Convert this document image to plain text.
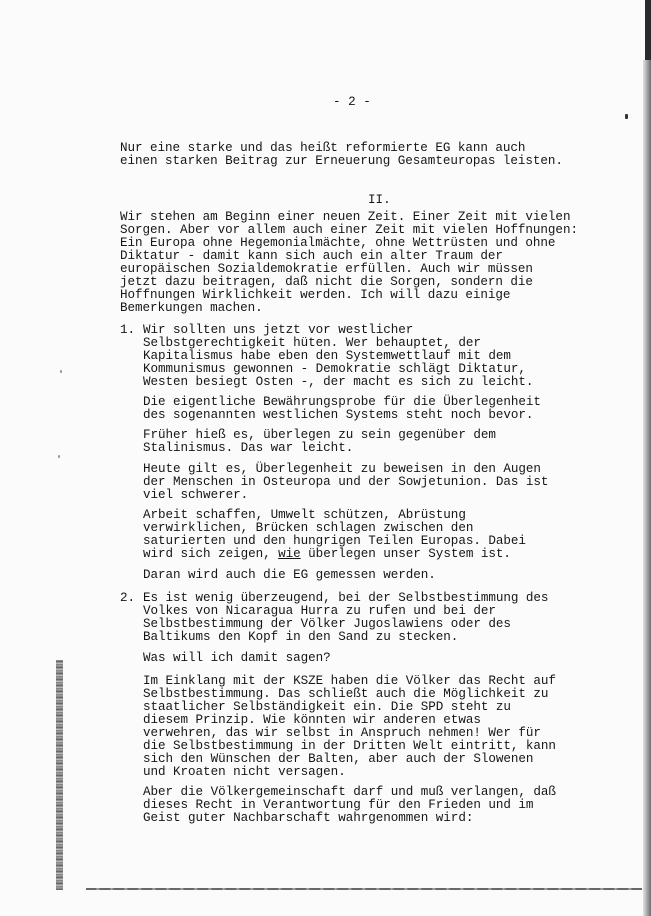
- 2 -
Nur eine starke und das heißt reformierte EG kann auch
einen starken Beitrag zur Erneuerung Gesamteuropas leisten.
II.
Wir stehen am Beginn einer neuen Zeit. Einer Zeit mit vielen
Sorgen. Aber vor allem auch einer Zeit mit vielen Hoffnungen:
Ein Europa ohne Hegemonialmächte, ohne Wettrüsten und ohne
Diktatur - damit kann sich auch ein alter Traum der
europäischen Sozialdemokratie erfüllen. Auch wir müssen
jetzt dazu beitragen, daß nicht die Sorgen, sondern die
Hoffnungen Wirklichkeit werden. Ich will dazu einige
Bemerkungen machen.
1. Wir sollten uns jetzt vor westlicher
Selbstgerechtigkeit hüten. Wer behauptet, der
Kapitalismus habe eben den Systemwettlauf mit dem
Kommunismus gewonnen - Demokratie schlägt Diktatur,
Westen besiegt Osten -, der macht es sich zu leicht.
Die eigentliche Bewährungsprobe für die Überlegenheit
des sogenannten westlichen Systems steht noch bevor.
Früher hieß es, überlegen zu sein gegenüber dem
Stalinismus. Das war leicht.
Heute gilt es, Überlegenheit zu beweisen in den Augen
der Menschen in Osteuropa und der Sowjetunion. Das ist
viel schwerer.
Arbeit schaffen, Umwelt schützen, Abrüstung
verwirklichen, Brücken schlagen zwischen den
saturierten und den hungrigen Teilen Europas. Dabei
wird sich zeigen, wie überlegen unser System ist.
Daran wird auch die EG gemessen werden.
2. Es ist wenig überzeugend, bei der Selbstbestimmung des
Volkes von Nicaragua Hurra zu rufen und bei der
Selbstbestimmung der Völker Jugoslawiens oder des
Baltikums den Kopf in den Sand zu stecken.
Was will ich damit sagen?
Im Einklang mit der KSZE haben die Völker das Recht auf
Selbstbestimmung. Das schließt auch die Möglichkeit zu
staatlicher Selbständigkeit ein. Die SPD steht zu
diesem Prinzip. Wie könnten wir anderen etwas
verwehren, das wir selbst in Anspruch nehmen! Wer für
die Selbstbestimmung in der Dritten Welt eintritt, kann
sich den Wünschen der Balten, aber auch der Slowenen
und Kroaten nicht versagen.
Aber die Völkergemeinschaft darf und muß verlangen, daß
dieses Recht in Verantwortung für den Frieden und im
Geist guter Nachbarschaft wahrgenommen wird:
